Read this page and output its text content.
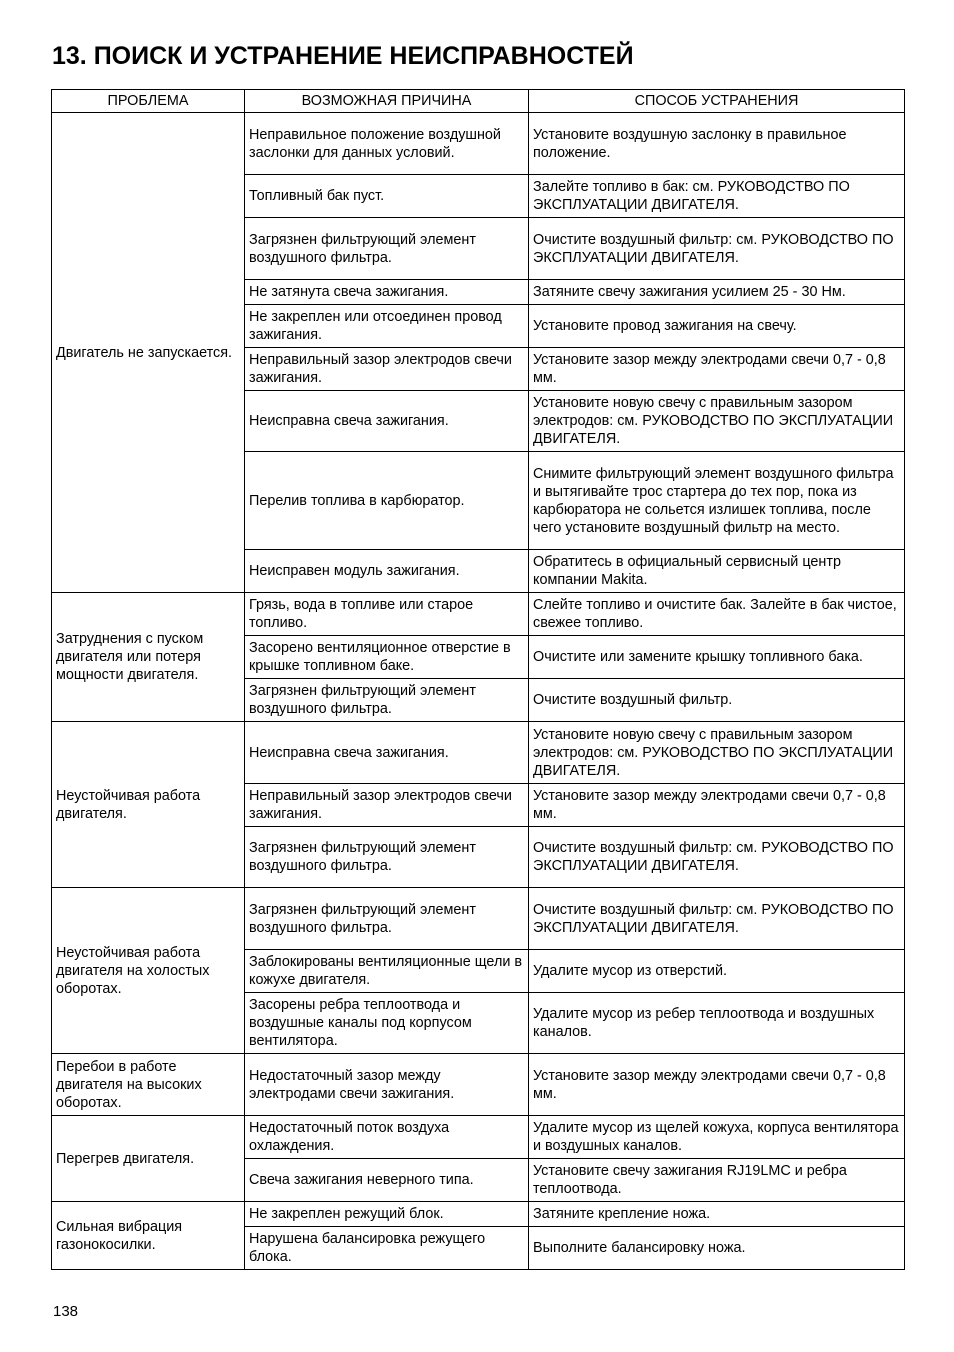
13. ПОИСК И УСТРАНЕНИЕ НЕИСПРАВНОСТЕЙ
ПРОБЛЕМА	ВОЗМОЖНАЯ ПРИЧИНА	СПОСОБ УСТРАНЕНИЯ
Двигатель не запускается.	Неправильное положение воздушной заслонки для данных условий.	Установите воздушную заслонку в правильное положение.
	Топливный бак пуст.	Залейте топливо в бак: см. РУКОВОДСТВО ПО ЭКСПЛУАТАЦИИ ДВИГАТЕЛЯ.
	Загрязнен фильтрующий элемент воздушного фильтра.	Очистите воздушный фильтр: см. РУКОВОДСТВО ПО ЭКСПЛУАТАЦИИ ДВИГАТЕЛЯ.
	Не затянута свеча зажигания.	Затяните свечу зажигания усилием 25 - 30 Нм.
	Не закреплен или отсоединен провод зажигания.	Установите провод зажигания на свечу.
	Неправильный зазор электродов свечи зажигания.	Установите зазор между электродами свечи 0,7 - 0,8 мм.
	Неисправна свеча зажигания.	Установите новую свечу с правильным зазором электродов: см. РУКОВОДСТВО ПО ЭКСПЛУАТАЦИИ ДВИГАТЕЛЯ.
	Перелив топлива в карбюратор.	Снимите фильтрующий элемент воздушного фильтра и вытягивайте трос стартера до тех пор, пока из карбюратора не сольется излишек топлива, после чего установите воздушный фильтр на место.
	Неисправен модуль зажигания.	Обратитесь в официальный сервисный центр компании Makita.
Затруднения с пуском двигателя или потеря мощности двигателя.	Грязь, вода в топливе или старое топливо.	Слейте топливо и очистите бак. Залейте в бак чистое, свежее топливо.
	Засорено вентиляционное отверстие в крышке топливном баке.	Очистите или замените крышку топливного бака.
	Загрязнен фильтрующий элемент воздушного фильтра.	Очистите воздушный фильтр.
Неустойчивая работа двигателя.	Неисправна свеча зажигания.	Установите новую свечу с правильным зазором электродов: см. РУКОВОДСТВО ПО ЭКСПЛУАТАЦИИ ДВИГАТЕЛЯ.
	Неправильный зазор электродов свечи зажигания.	Установите зазор между электродами свечи 0,7 - 0,8 мм.
	Загрязнен фильтрующий элемент воздушного фильтра.	Очистите воздушный фильтр: см. РУКОВОДСТВО ПО ЭКСПЛУАТАЦИИ ДВИГАТЕЛЯ.
Неустойчивая работа двигателя на холостых оборотах.	Загрязнен фильтрующий элемент воздушного фильтра.	Очистите воздушный фильтр: см. РУКОВОДСТВО ПО ЭКСПЛУАТАЦИИ ДВИГАТЕЛЯ.
	Заблокированы вентиляционные щели в кожухе двигателя.	Удалите мусор из отверстий.
	Засорены ребра теплоотвода и воздушные каналы под корпусом вентилятора.	Удалите мусор из ребер теплоотвода и воздушных каналов.
Перебои в работе двигателя на высоких оборотах.	Недостаточный зазор между электродами свечи зажигания.	Установите зазор между электродами свечи 0,7 - 0,8 мм.
Перегрев двигателя.	Недостаточный поток воздуха охлаждения.	Удалите мусор из щелей кожуха, корпуса вентилятора и воздушных каналов.
	Свеча зажигания неверного типа.	Установите свечу зажигания RJ19LMC и ребра теплоотвода.
Сильная вибрация газонокосилки.	Не закреплен режущий блок.	Затяните крепление ножа.
	Нарушена балансировка режущего блока.	Выполните балансировку ножа.
138
